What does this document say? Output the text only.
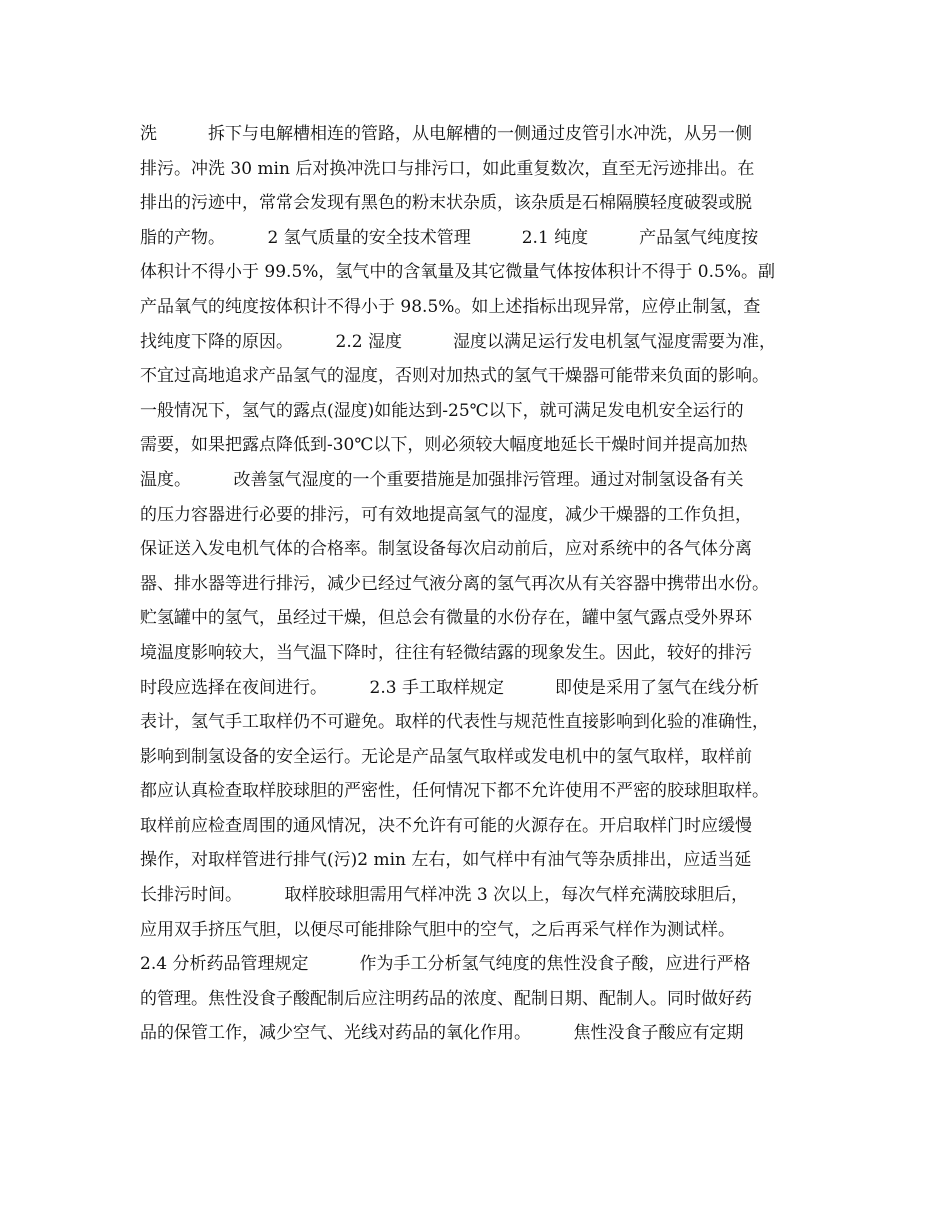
洗　　　拆下与电解槽相连的管路，从电解槽的一侧通过皮管引水冲洗，从另一侧
排污。冲洗 30 min 后对换冲洗口与排污口，如此重复数次，直至无污迹排出。在
排出的污迹中，常常会发现有黑色的粉末状杂质，该杂质是石棉隔膜轻度破裂或脱
脂的产物。　　　2 氢气质量的安全技术管理　　　2.1 纯度　　　产品氢气纯度按
体积计不得小于 99.5%，氢气中的含氧量及其它微量气体按体积计不得于 0.5%。副
产品氧气的纯度按体积计不得小于 98.5%。如上述指标出现异常，应停止制氢，查
找纯度下降的原因。　　　2.2 湿度　　　湿度以满足运行发电机氢气湿度需要为准，
不宜过高地追求产品氢气的湿度，否则对加热式的氢气干燥器可能带来负面的影响。
一般情况下，氢气的露点(湿度)如能达到-25℃以下，就可满足发电机安全运行的
需要，如果把露点降低到-30℃以下，则必须较大幅度地延长干燥时间并提高加热
温度。　　　改善氢气湿度的一个重要措施是加强排污管理。通过对制氢设备有关
的压力容器进行必要的排污，可有效地提高氢气的湿度，减少干燥器的工作负担，
保证送入发电机气体的合格率。制氢设备每次启动前后，应对系统中的各气体分离
器、排水器等进行排污，减少已经过气液分离的氢气再次从有关容器中携带出水份。
贮氢罐中的氢气，虽经过干燥，但总会有微量的水份存在，罐中氢气露点受外界环
境温度影响较大，当气温下降时，往往有轻微结露的现象发生。因此，较好的排污
时段应选择在夜间进行。　　　2.3 手工取样规定　　　即使是采用了氢气在线分析
表计，氢气手工取样仍不可避免。取样的代表性与规范性直接影响到化验的准确性，
影响到制氢设备的安全运行。无论是产品氢气取样或发电机中的氢气取样，取样前
都应认真检查取样胶球胆的严密性，任何情况下都不允许使用不严密的胶球胆取样。
取样前应检查周围的通风情况，决不允许有可能的火源存在。开启取样门时应缓慢
操作，对取样管进行排气(污)2 min 左右，如气样中有油气等杂质排出，应适当延
长排污时间。　　　取样胶球胆需用气样冲洗 3 次以上，每次气样充满胶球胆后，
应用双手挤压气胆，以便尽可能排除气胆中的空气，之后再采气样作为测试样。
2.4 分析药品管理规定　　　作为手工分析氢气纯度的焦性没食子酸，应进行严格
的管理。焦性没食子酸配制后应注明药品的浓度、配制日期、配制人。同时做好药
品的保管工作，减少空气、光线对药品的氧化作用。　　　焦性没食子酸应有定期
